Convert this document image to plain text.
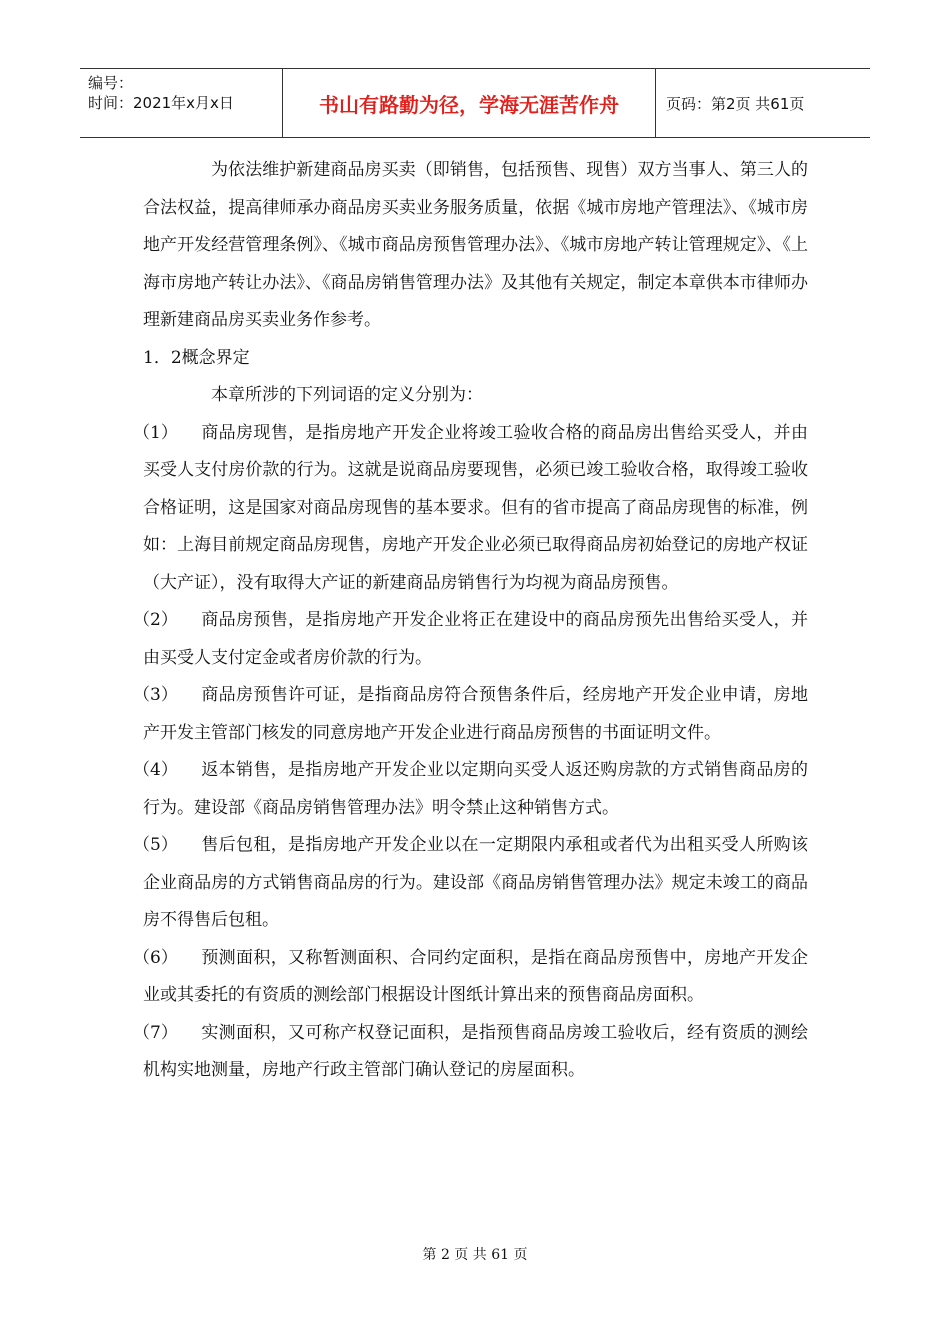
编号：
时间：2021年x月x日	书山有路勤为径，学海无涯苦作舟	页码：第2页 共61页

为依法维护新建商品房买卖（即销售，包括预售、现售）双方当事人、第三人的合法权益，提高律师承办商品房买卖业务服务质量，依据《城市房地产管理法》、《城市房地产开发经营管理条例》、《城市商品房预售管理办法》、《城市房地产转让管理规定》、《上海市房地产转让办法》、《商品房销售管理办法》及其他有关规定，制定本章供本市律师办理新建商品房买卖业务作参考。

1．2概念界定

本章所涉的下列词语的定义分别为：

（1） 商品房现售，是指房地产开发企业将竣工验收合格的商品房出售给买受人，并由买受人支付房价款的行为。这就是说商品房要现售，必须已竣工验收合格，取得竣工验收合格证明，这是国家对商品房现售的基本要求。但有的省市提高了商品房现售的标准，例如：上海目前规定商品房现售，房地产开发企业必须已取得商品房初始登记的房地产权证（大产证），没有取得大产证的新建商品房销售行为均视为商品房预售。

（2） 商品房预售，是指房地产开发企业将正在建设中的商品房预先出售给买受人，并由买受人支付定金或者房价款的行为。

（3） 商品房预售许可证，是指商品房符合预售条件后，经房地产开发企业申请，房地产开发主管部门核发的同意房地产开发企业进行商品房预售的书面证明文件。

（4） 返本销售，是指房地产开发企业以定期向买受人返还购房款的方式销售商品房的行为。建设部《商品房销售管理办法》明令禁止这种销售方式。

（5） 售后包租，是指房地产开发企业以在一定期限内承租或者代为出租买受人所购该企业商品房的方式销售商品房的行为。建设部《商品房销售管理办法》规定未竣工的商品房不得售后包租。

（6） 预测面积，又称暂测面积、合同约定面积，是指在商品房预售中，房地产开发企业或其委托的有资质的测绘部门根据设计图纸计算出来的预售商品房面积。

（7） 实测面积，又可称产权登记面积，是指预售商品房竣工验收后，经有资质的测绘机构实地测量，房地产行政主管部门确认登记的房屋面积。

第 2 页 共 61 页
